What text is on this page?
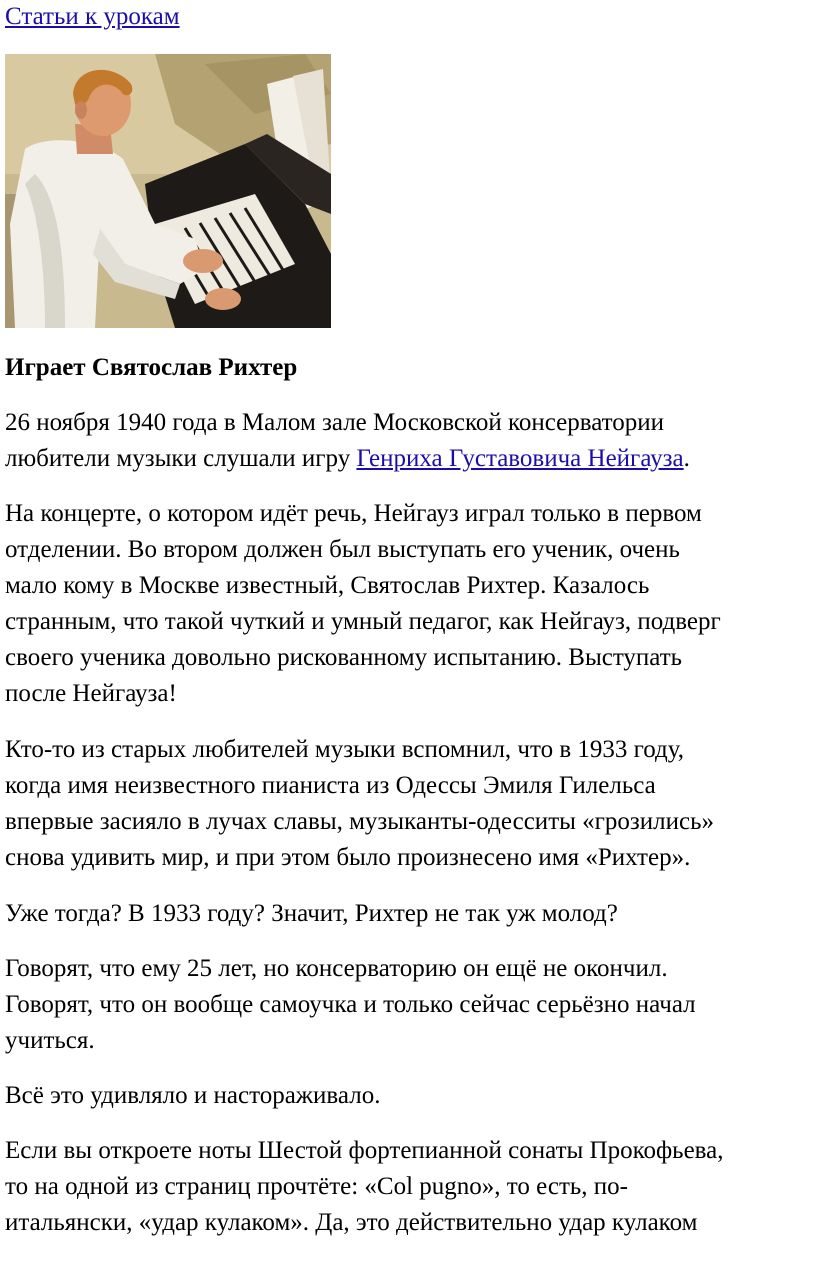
Статьи к урокам
Играет Святослав Рихтер

26 ноября 1940 года в Малом зале Московской консерватории
любители музыки слушали игру Генриха Густавовича Нейгауза.

На концерте, о котором идёт речь, Нейгауз играл только в первом
отделении. Во втором должен был выступать его ученик, очень
мало кому в Москве известный, Святослав Рихтер. Казалось
странным, что такой чуткий и умный педагог, как Нейгауз, подверг
своего ученика довольно рискованному испытанию. Выступать
после Нейгауза!

Кто-то из старых любителей музыки вспомнил, что в 1933 году,
когда имя неизвестного пианиста из Одессы Эмиля Гилельса
впервые засияло в лучах славы, музыканты-одесситы «грозились»
снова удивить мир, и при этом было произнесено имя «Рихтер».

Уже тогда? В 1933 году? Значит, Рихтер не так уж молод?

Говорят, что ему 25 лет, но консерваторию он ещё не окончил.
Говорят, что он вообще самоучка и только сейчас серьёзно начал
учиться.

Всё это удивляло и настораживало.

Если вы откроете ноты Шестой фортепианной сонаты Прокофьева,
то на одной из страниц прочтёте: «Col pugno», то есть, по-
итальянски, «удар кулаком». Да, это действительно удар кулаком
